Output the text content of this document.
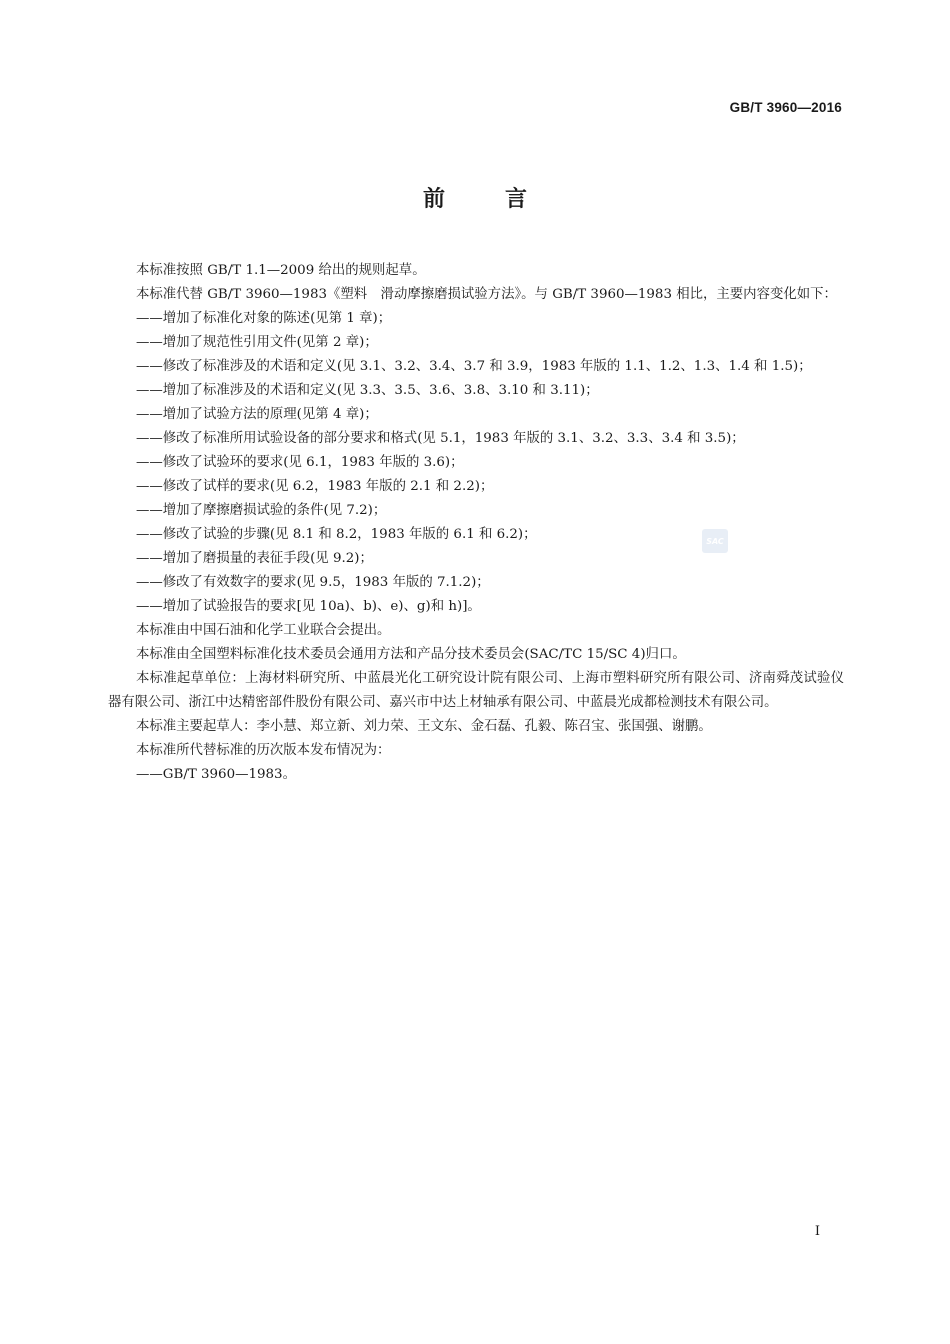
GB/T 3960—2016
前言

本标准按照 GB/T 1.1—2009 给出的规则起草。

本标准代替 GB/T 3960—1983《塑料　滑动摩擦磨损试验方法》。与 GB/T 3960—1983 相比，主要内容变化如下：

——增加了标准化对象的陈述(见第 1 章)；

——增加了规范性引用文件(见第 2 章)；

——修改了标准涉及的术语和定义(见 3.1、3.2、3.4、3.7 和 3.9，1983 年版的 1.1、1.2、1.3、1.4 和 1.5)；

——增加了标准涉及的术语和定义(见 3.3、3.5、3.6、3.8、3.10 和 3.11)；

——增加了试验方法的原理(见第 4 章)；

——修改了标准所用试验设备的部分要求和格式(见 5.1，1983 年版的 3.1、3.2、3.3、3.4 和 3.5)；

——修改了试验环的要求(见 6.1，1983 年版的 3.6)；

——修改了试样的要求(见 6.2，1983 年版的 2.1 和 2.2)；

——增加了摩擦磨损试验的条件(见 7.2)；

——修改了试验的步骤(见 8.1 和 8.2，1983 年版的 6.1 和 6.2)；

——增加了磨损量的表征手段(见 9.2)；

——修改了有效数字的要求(见 9.5，1983 年版的 7.1.2)；

——增加了试验报告的要求[见 10a)、b)、e)、g)和 h)]。

本标准由中国石油和化学工业联合会提出。

本标准由全国塑料标准化技术委员会通用方法和产品分技术委员会(SAC/TC 15/SC 4)归口。

本标准起草单位：上海材料研究所、中蓝晨光化工研究设计院有限公司、上海市塑料研究所有限公司、济南舜茂试验仪器有限公司、浙江中达精密部件股份有限公司、嘉兴市中达上材轴承有限公司、中蓝晨光成都检测技术有限公司。

本标准主要起草人：李小慧、郑立新、刘力荣、王文东、金石磊、孔毅、陈召宝、张国强、谢鹏。

本标准所代替标准的历次版本发布情况为：

——GB/T 3960—1983。

SAC
I
